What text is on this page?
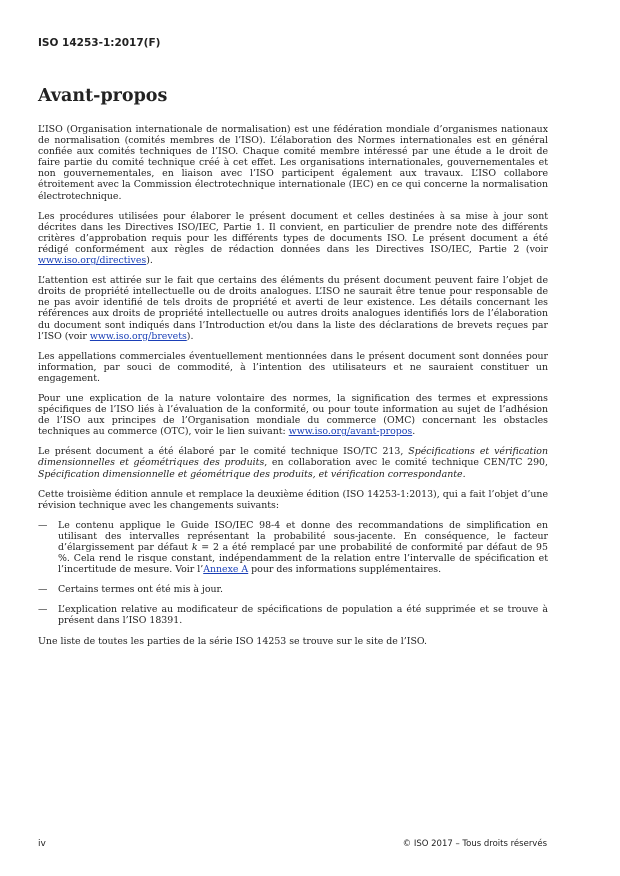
ISO 14253-1:2017(F)
Avant-propos

L’ISO (Organisation internationale de normalisation) est une fédération mondiale d’organismes nationaux de normalisation (comités membres de l’ISO). L’élaboration des Normes internationales est en général confiée aux comités techniques de l’ISO. Chaque comité membre intéressé par une étude a le droit de faire partie du comité technique créé à cet effet. Les organisations internationales, gouvernementales et non gouvernementales, en liaison avec l’ISO participent également aux travaux. L’ISO collabore étroitement avec la Commission électrotechnique internationale (IEC) en ce qui concerne la normalisation électrotechnique.

Les procédures utilisées pour élaborer le présent document et celles destinées à sa mise à jour sont décrites dans les Directives ISO/IEC, Partie 1. Il convient, en particulier de prendre note des différents critères d’approbation requis pour les différents types de documents ISO. Le présent document a été rédigé conformément aux règles de rédaction données dans les Directives ISO/IEC, Partie 2 (voir www.iso.org/directives).

L’attention est attirée sur le fait que certains des éléments du présent document peuvent faire l’objet de droits de propriété intellectuelle ou de droits analogues. L’ISO ne saurait être tenue pour responsable de ne pas avoir identifié de tels droits de propriété et averti de leur existence. Les détails concernant les références aux droits de propriété intellectuelle ou autres droits analogues identifiés lors de l’élaboration du document sont indiqués dans l’Introduction et/ou dans la liste des déclarations de brevets reçues par l’ISO (voir www.iso.org/brevets).

Les appellations commerciales éventuellement mentionnées dans le présent document sont données pour information, par souci de commodité, à l’intention des utilisateurs et ne sauraient constituer un engagement.

Pour une explication de la nature volontaire des normes, la signification des termes et expressions spécifiques de l’ISO liés à l’évaluation de la conformité, ou pour toute information au sujet de l’adhésion de l’ISO aux principes de l’Organisation mondiale du commerce (OMC) concernant les obstacles techniques au commerce (OTC), voir le lien suivant: www.iso.org/avant-propos.

Le présent document a été élaboré par le comité technique ISO/TC 213, Spécifications et vérification dimensionnelles et géométriques des produits, en collaboration avec le comité technique CEN/TC 290, Spécification dimensionnelle et géométrique des produits, et vérification correspondante.

Cette troisième édition annule et remplace la deuxième édition (ISO 14253-1:2013), qui a fait l’objet d’une révision technique avec les changements suivants:

— Le contenu applique le Guide ISO/IEC 98-4 et donne des recommandations de simplification en utilisant des intervalles représentant la probabilité sous-jacente. En conséquence, le facteur d’élargissement par défaut k = 2 a été remplacé par une probabilité de conformité par défaut de 95 %. Cela rend le risque constant, indépendamment de la relation entre l’intervalle de spécification et l’incertitude de mesure. Voir l’Annexe A pour des informations supplémentaires.
— Certains termes ont été mis à jour.
— L’explication relative au modificateur de spécifications de population a été supprimée et se trouve à présent dans l’ISO 18391.

Une liste de toutes les parties de la série ISO 14253 se trouve sur le site de l’ISO.

iv	© ISO 2017 – Tous droits réservés
